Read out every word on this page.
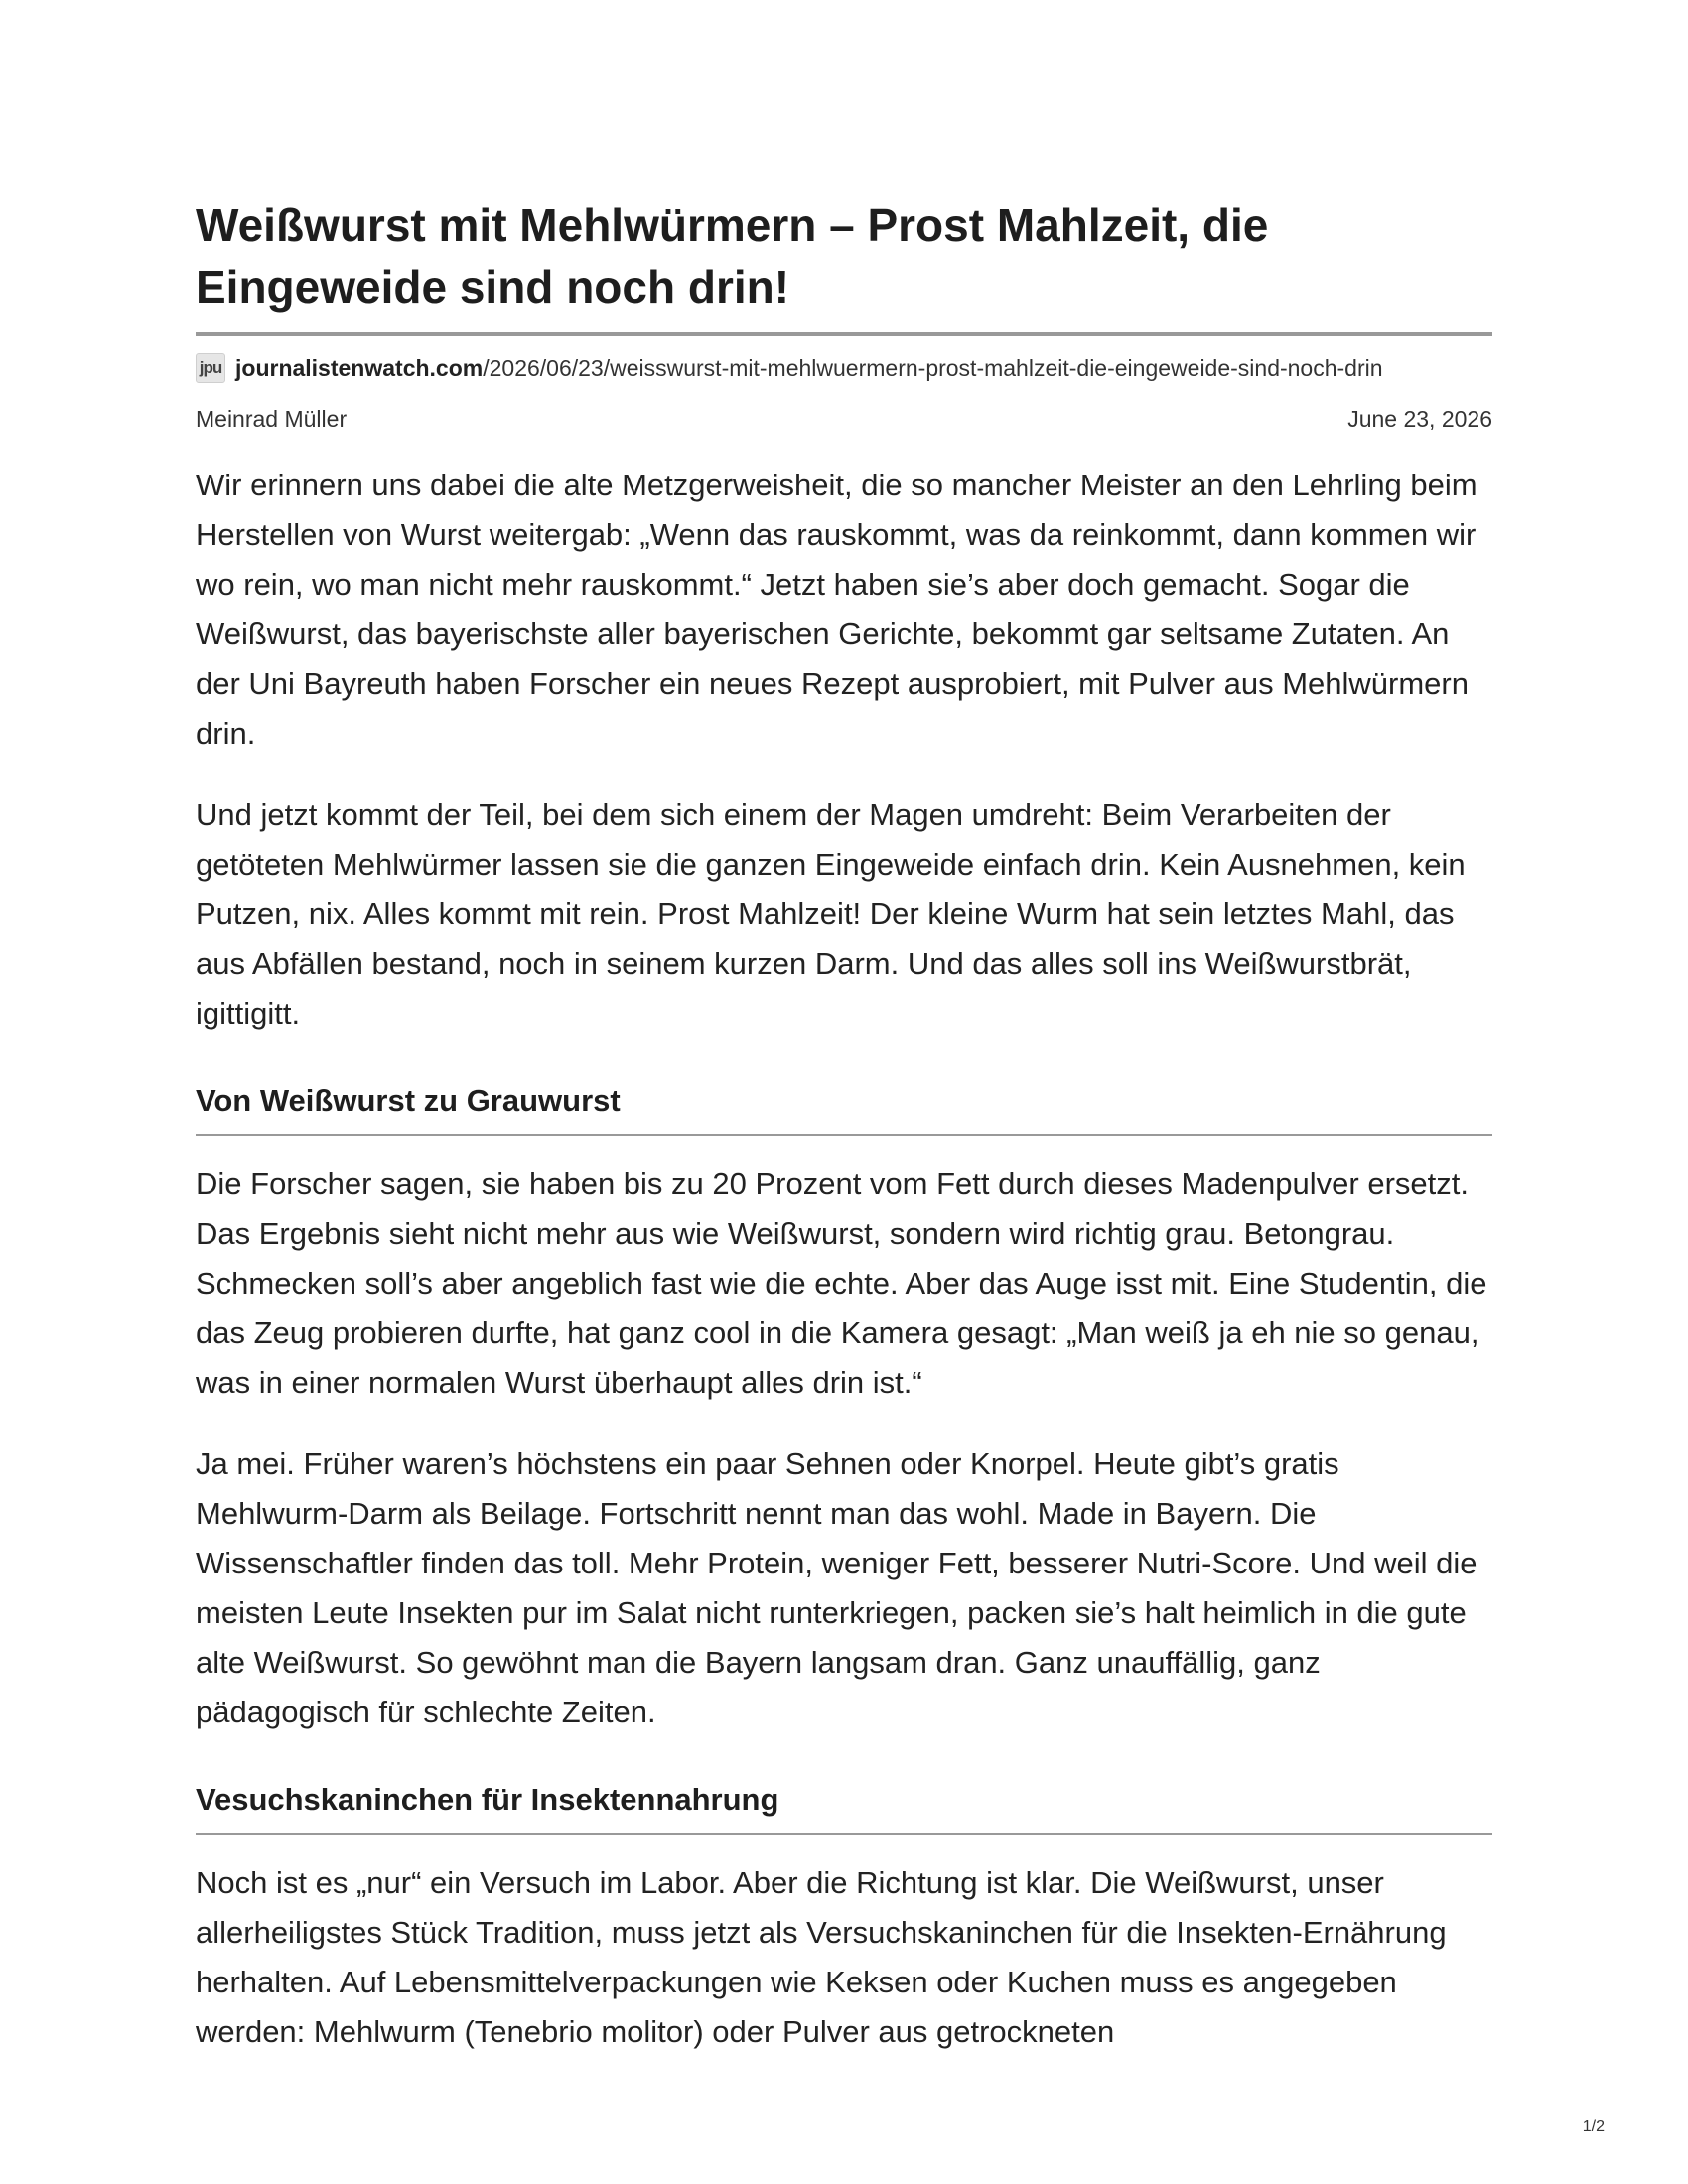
Weißwurst mit Mehlwürmern – Prost Mahlzeit, die Eingeweide sind noch drin!
jpu journalistenwatch.com/2026/06/23/weisswurst-mit-mehlwuermern-prost-mahlzeit-die-eingeweide-sind-noch-drin
Meinrad Müller	June 23, 2026

Wir erinnern uns dabei die alte Metzgerweisheit, die so mancher Meister an den Lehrling beim Herstellen von Wurst weitergab: „Wenn das rauskommt, was da reinkommt, dann kommen wir wo rein, wo man nicht mehr rauskommt.“ Jetzt haben sie’s aber doch gemacht. Sogar die Weißwurst, das bayerischste aller bayerischen Gerichte, bekommt gar seltsame Zutaten. An der Uni Bayreuth haben Forscher ein neues Rezept ausprobiert, mit Pulver aus Mehlwürmern drin.

Und jetzt kommt der Teil, bei dem sich einem der Magen umdreht: Beim Verarbeiten der getöteten Mehlwürmer lassen sie die ganzen Eingeweide einfach drin. Kein Ausnehmen, kein Putzen, nix. Alles kommt mit rein. Prost Mahlzeit! Der kleine Wurm hat sein letztes Mahl, das aus Abfällen bestand, noch in seinem kurzen Darm. Und das alles soll ins Weißwurstbrät, igittigitt.

Von Weißwurst zu Grauwurst

Die Forscher sagen, sie haben bis zu 20 Prozent vom Fett durch dieses Madenpulver ersetzt. Das Ergebnis sieht nicht mehr aus wie Weißwurst, sondern wird richtig grau. Betongrau. Schmecken soll’s aber angeblich fast wie die echte. Aber das Auge isst mit. Eine Studentin, die das Zeug probieren durfte, hat ganz cool in die Kamera gesagt: „Man weiß ja eh nie so genau, was in einer normalen Wurst überhaupt alles drin ist.“

Ja mei. Früher waren’s höchstens ein paar Sehnen oder Knorpel. Heute gibt’s gratis Mehlwurm-Darm als Beilage. Fortschritt nennt man das wohl. Made in Bayern. Die Wissenschaftler finden das toll. Mehr Protein, weniger Fett, besserer Nutri-Score. Und weil die meisten Leute Insekten pur im Salat nicht runterkriegen, packen sie’s halt heimlich in die gute alte Weißwurst. So gewöhnt man die Bayern langsam dran. Ganz unauffällig, ganz pädagogisch für schlechte Zeiten.

Vesuchskaninchen für Insektennahrung

Noch ist es „nur“ ein Versuch im Labor. Aber die Richtung ist klar. Die Weißwurst, unser allerheiligstes Stück Tradition, muss jetzt als Versuchskaninchen für die Insekten-Ernährung herhalten. Auf Lebensmittelverpackungen wie Keksen oder Kuchen muss es angegeben werden: Mehlwurm (Tenebrio molitor) oder Pulver aus getrockneten

1/2
